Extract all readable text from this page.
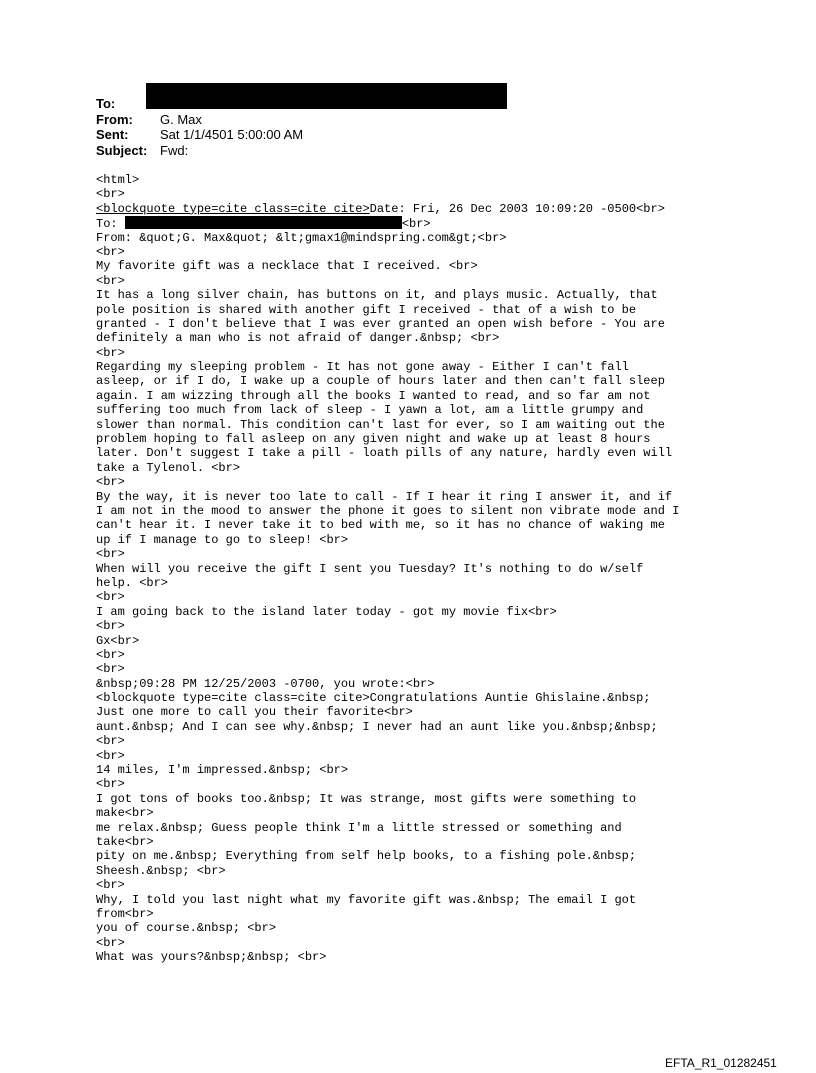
To:
From:	G. Max
Sent:	Sat 1/1/4501 5:00:00 AM
Subject: Fwd:
<html>
<br>
<blockquote type=cite class=cite cite>Date: Fri, 26 Dec 2003 10:09:20 -0500<br>
To:	<br>
From: &quot;G. Max&quot; &lt;gmax1@mindspring.com&gt;<br>
<br>
My favorite gift was a necklace that I received. <br>
<br>
It has a long silver chain, has buttons on it, and plays music. Actually, that
pole position is shared with another gift I received - that of a wish to be
granted - I don't believe that I was ever granted an open wish before - You are
definitely a man who is not afraid of danger.&nbsp; <br>
<br>
Regarding my sleeping problem - It has not gone away - Either I can't fall
asleep, or if I do, I wake up a couple of hours later and then can't fall sleep
again. I am wizzing through all the books I wanted to read, and so far am not
suffering too much from lack of sleep - I yawn a lot, am a little grumpy and
slower than normal. This condition can't last for ever, so I am waiting out the
problem hoping to fall asleep on any given night and wake up at least 8 hours
later. Don't suggest I take a pill - loath pills of any nature, hardly even will
take a Tylenol. <br>
<br>
By the way, it is never too late to call - If I hear it ring I answer it, and if
I am not in the mood to answer the phone it goes to silent non vibrate mode and I
can't hear it. I never take it to bed with me, so it has no chance of waking me
up if I manage to go to sleep! <br>
<br>
When will you receive the gift I sent you Tuesday? It's nothing to do w/self
help. <br>
<br>
I am going back to the island later today - got my movie fix<br>
<br>
Gx<br>
<br>
<br>
&nbsp;09:28 PM 12/25/2003 -0700, you wrote:<br>
<blockquote type=cite class=cite cite>Congratulations Auntie Ghislaine.&nbsp;
Just one more to call you their favorite<br>
aunt.&nbsp; And I can see why.&nbsp; I never had an aunt like you.&nbsp;&nbsp;
<br>
<br>
14 miles, I'm impressed.&nbsp; <br>
<br>
I got tons of books too.&nbsp; It was strange, most gifts were something to
make<br>
me relax.&nbsp; Guess people think I'm a little stressed or something and
take<br>
pity on me.&nbsp; Everything from self help books, to a fishing pole.&nbsp;
Sheesh.&nbsp; <br>
<br>
Why, I told you last night what my favorite gift was.&nbsp; The email I got
from<br>
you of course.&nbsp; <br>
<br>
What was yours?&nbsp;&nbsp; <br>
EFTA_R1_01282451
